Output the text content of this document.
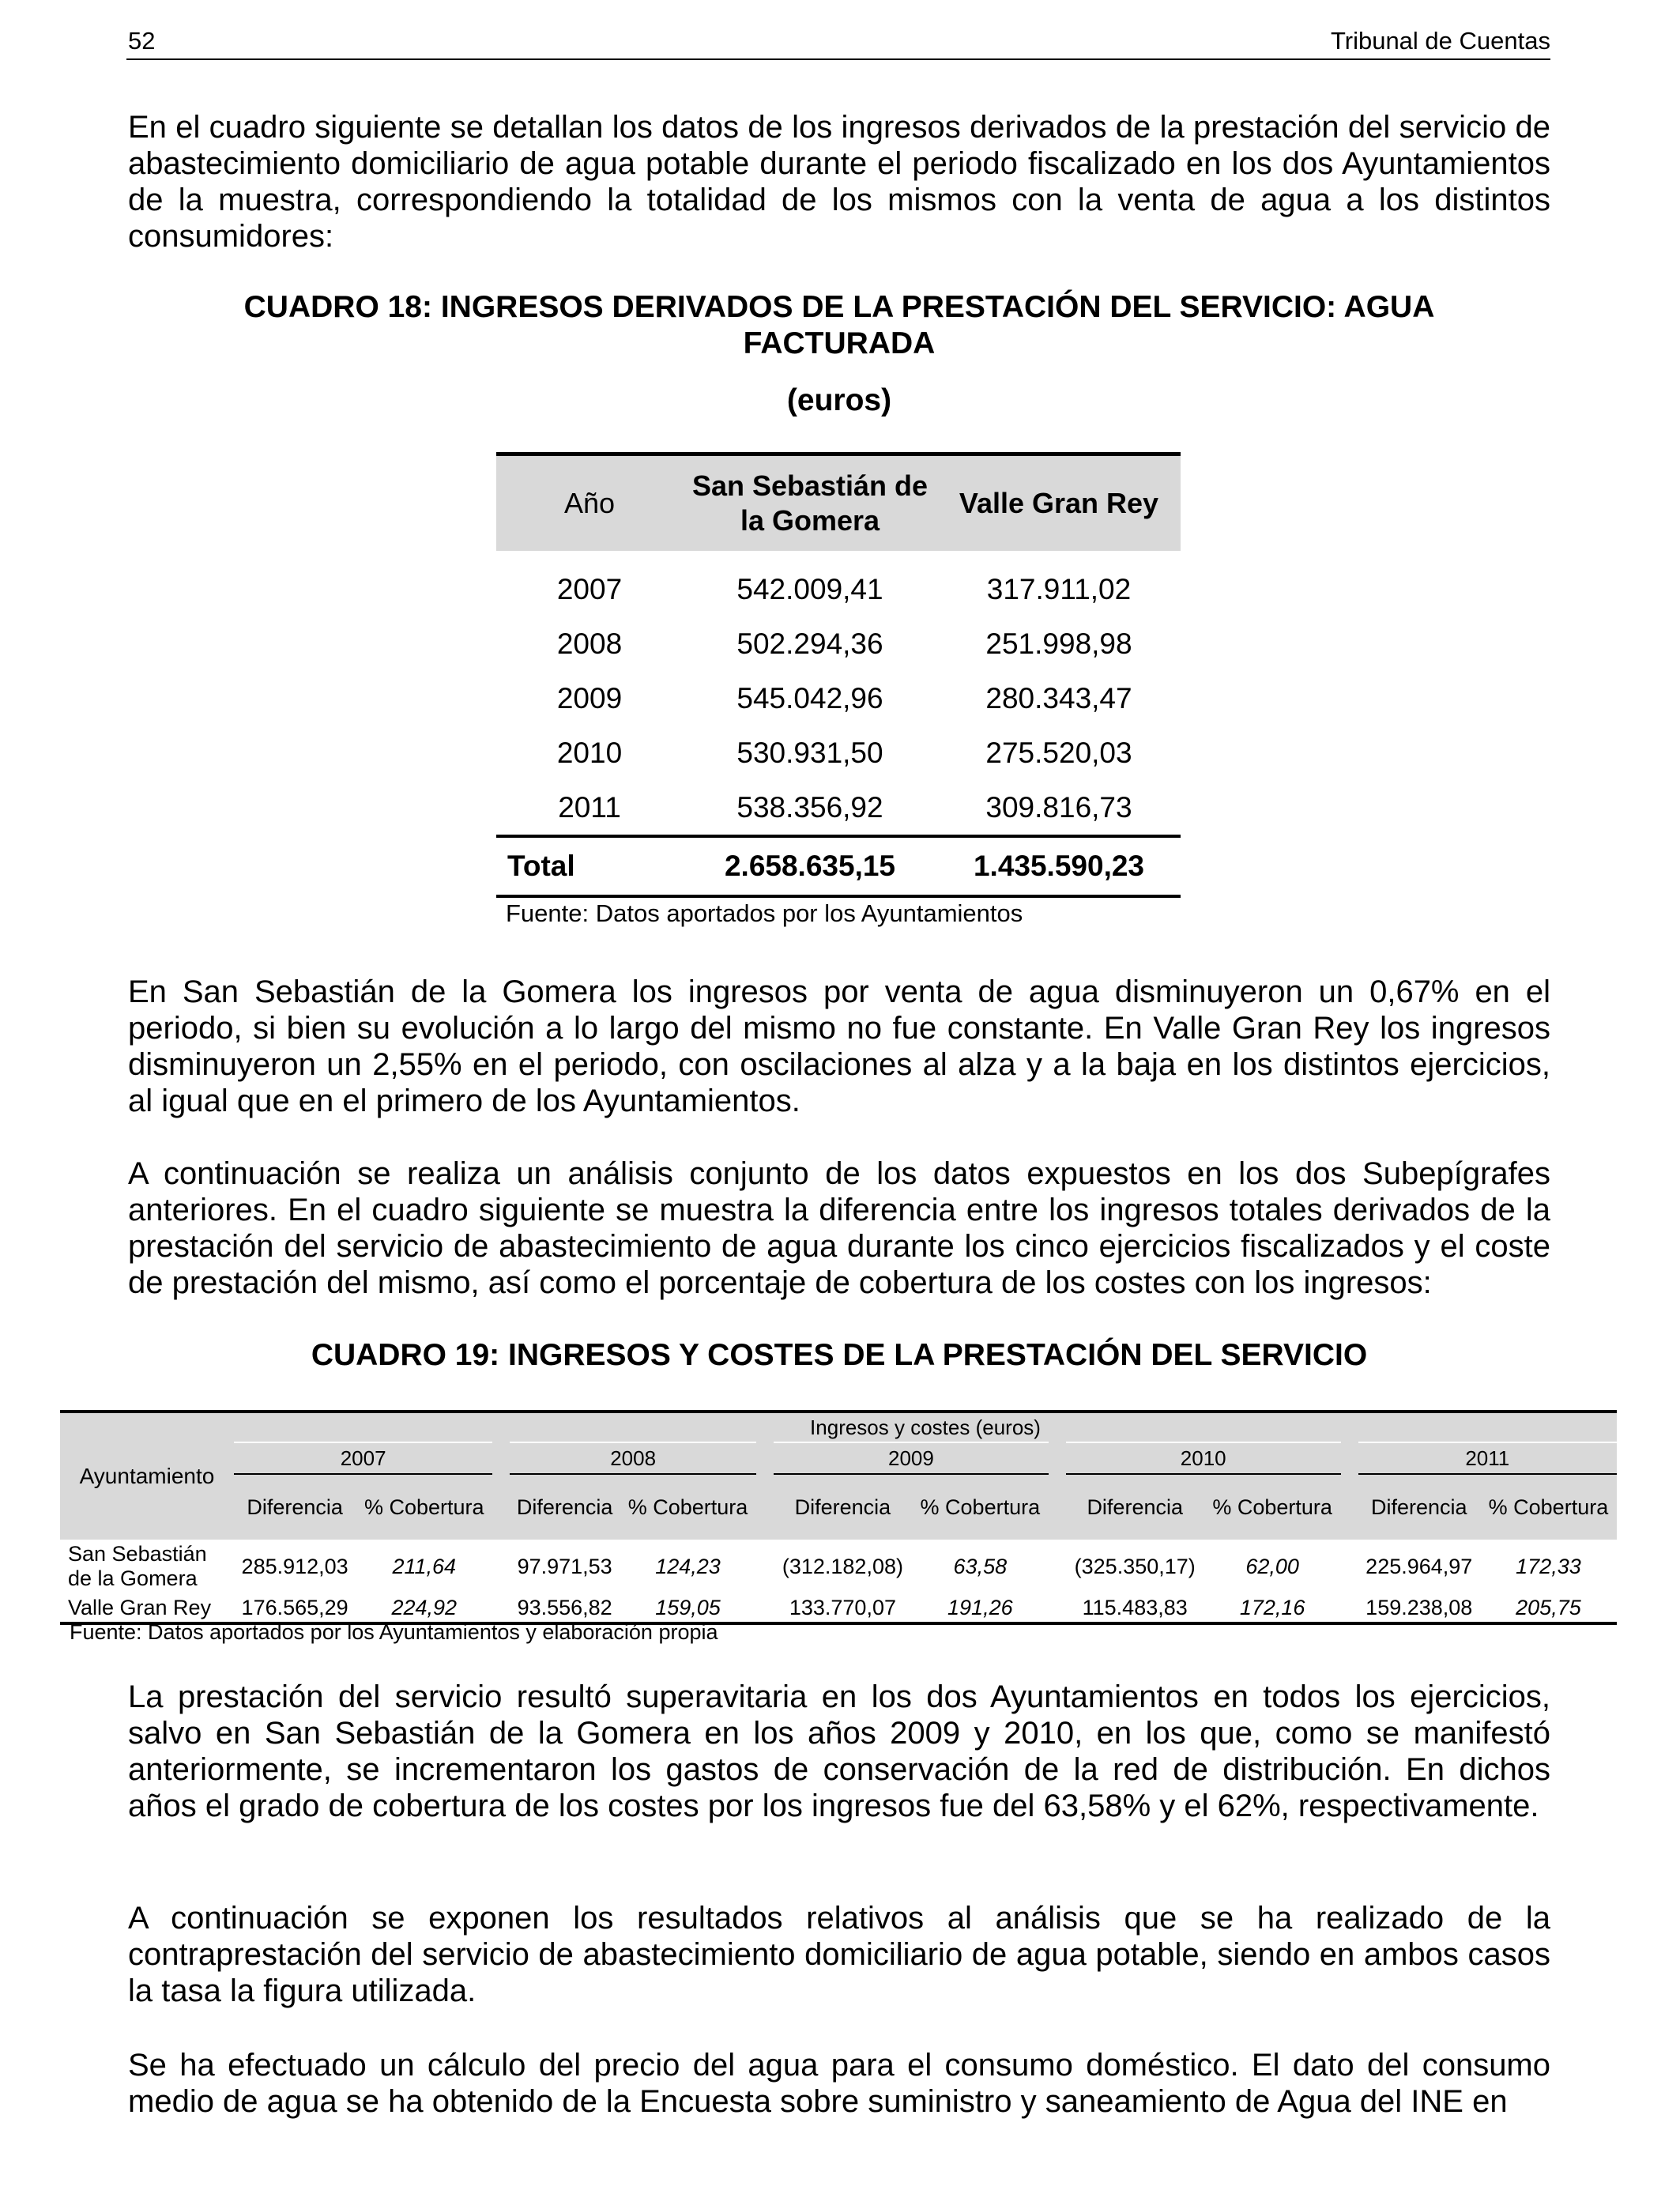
52	Tribunal de Cuentas

En el cuadro siguiente se detallan los datos de los ingresos derivados de la prestación del servicio de abastecimiento domiciliario de agua potable durante el periodo fiscalizado en los dos Ayuntamientos de la muestra, correspondiendo la totalidad de los mismos con la venta de agua a los distintos consumidores:

CUADRO 18: INGRESOS DERIVADOS DE LA PRESTACIÓN DEL SERVICIO: AGUA
FACTURADA
(euros)
Año	San Sebastián de la Gomera	Valle Gran Rey
2007	542.009,41	317.911,02
2008	502.294,36	251.998,98
2009	545.042,96	280.343,47
2010	530.931,50	275.520,03
2011	538.356,92	309.816,73
Total	2.658.635,15	1.435.590,23
Fuente: Datos aportados por los Ayuntamientos

En San Sebastián de la Gomera los ingresos por venta de agua disminuyeron un 0,67% en el periodo, si bien su evolución a lo largo del mismo no fue constante. En Valle Gran Rey los ingresos disminuyeron un 2,55% en el periodo, con oscilaciones al alza y a la baja en los distintos ejercicios, al igual que en el primero de los Ayuntamientos.

A continuación se realiza un análisis conjunto de los datos expuestos en los dos Subepígrafes anteriores. En el cuadro siguiente se muestra la diferencia entre los ingresos totales derivados de la prestación del servicio de abastecimiento de agua durante los cinco ejercicios fiscalizados y el coste de prestación del mismo, así como el porcentaje de cobertura de los costes con los ingresos:

CUADRO 19: INGRESOS Y COSTES DE LA PRESTACIÓN DEL SERVICIO
Ayuntamiento	Ingresos y costes (euros)													
	2007			2008			2009			2010			2011	
	Diferencia	% Cobertura		Diferencia	% Cobertura		Diferencia	% Cobertura		Diferencia	% Cobertura		Diferencia	% Cobertura
San Sebastián de la Gomera	285.912,03	211,64		97.971,53	124,23		(312.182,08)	63,58		(325.350,17)	62,00		225.964,97	172,33
Valle Gran Rey	176.565,29	224,92		93.556,82	159,05		133.770,07	191,26		115.483,83	172,16		159.238,08	205,75
Fuente: Datos aportados por los Ayuntamientos y elaboración propia

La prestación del servicio resultó superavitaria en los dos Ayuntamientos en todos los ejercicios, salvo en San Sebastián de la Gomera en los años 2009 y 2010, en los que, como se manifestó anteriormente, se incrementaron los gastos de conservación de la red de distribución. En dichos años el grado de cobertura de los costes por los ingresos fue del 63,58% y el 62%, respectivamente.

A continuación se exponen los resultados relativos al análisis que se ha realizado de la contraprestación del servicio de abastecimiento domiciliario de agua potable, siendo en ambos casos la tasa la figura utilizada.

Se ha efectuado un cálculo del precio del agua para el consumo doméstico. El dato del consumo medio de agua se ha obtenido de la Encuesta sobre suministro y saneamiento de Agua del INE en
